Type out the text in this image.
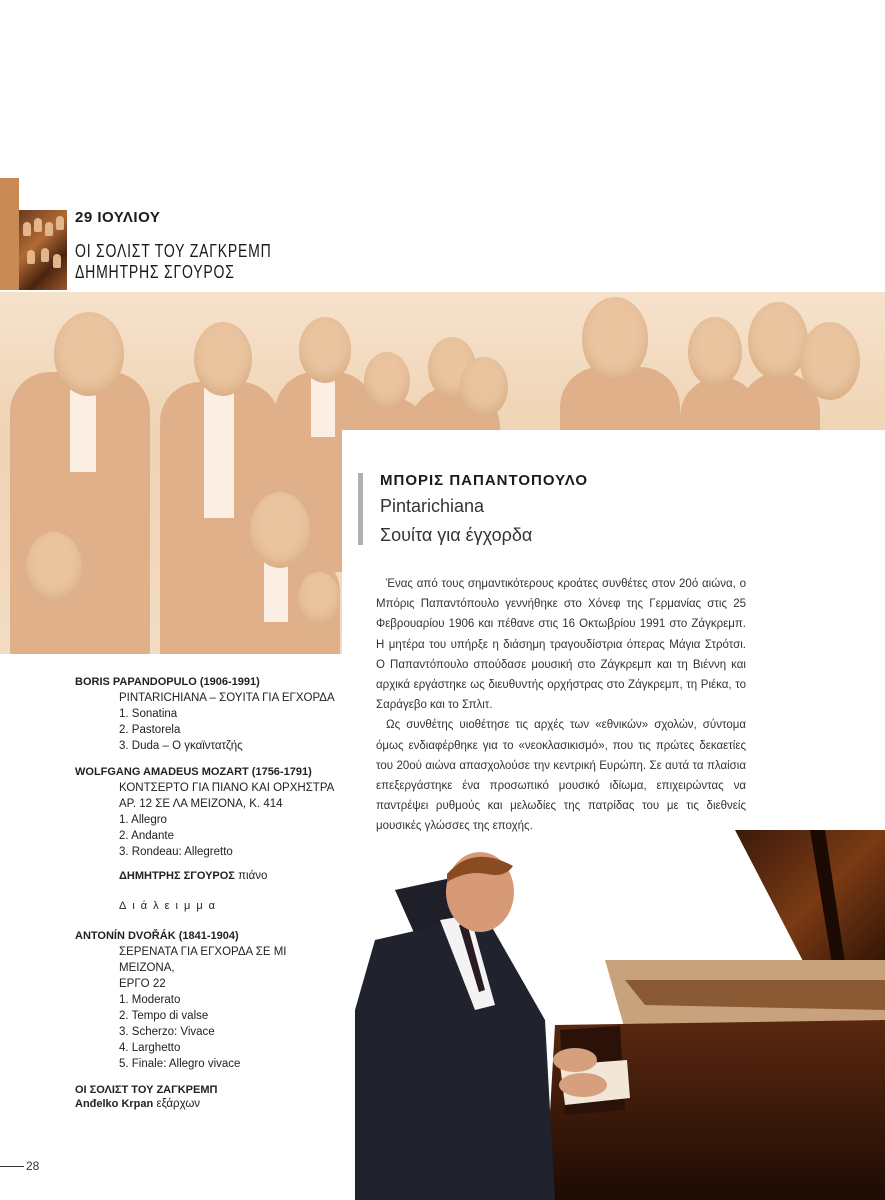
29 ΙΟΥΛΙΟΥ
ΟΙ ΣΟΛΙΣΤ ΤΟΥ ΖΑΓΚΡΕΜΠ
ΔΗΜΗΤΡΗΣ ΣΓΟΥΡΟΣ
ΜΠΟΡΙΣ ΠΑΠΑΝΤΟΠΟΥΛΟ
Pintarichiana
Σουίτα για έγχορδα

Ένας από τους σημαντικότερους κροάτες συνθέτες στον 20ό αιώνα, ο Μπόρις Παπαντόπουλο γεννήθηκε στο Χόνεφ της Γερμανίας στις 25 Φεβρουαρίου 1906 και πέθανε στις 16 Οκτωβρίου 1991 στο Ζάγκρεμπ. Η μητέρα του υπήρξε η διάσημη τραγουδίστρια όπερας Μάγια Στρότσι. Ο Παπαντόπουλο σπούδασε μουσική στο Ζάγκρεμπ και τη Βιέννη και αρχικά εργάστηκε ως διευθυντής ορχήστρας στο Ζάγκρεμπ, τη Ριέκα, το Σαράγεβο και το Σπλιτ.

Ως συνθέτης υιοθέτησε τις αρχές των «εθνικών» σχολών, σύντομα όμως ενδιαφέρθηκε για το «νεοκλασικισμό», που τις πρώτες δεκαετίες του 20ού αιώνα απασχολούσε την κεντρική Ευρώπη. Σε αυτά τα πλαίσια επεξεργάστηκε ένα προσωπικό μουσικό ιδίωμα, επιχειρώντας να παντρέψει ρυθμούς και μελωδίες της πατρίδας του με τις διεθνείς μουσικές γλώσσες της εποχής.

BORIS PAPANDOPULO (1906-1991)
PINTARICHIANA – ΣΟΥΙΤΑ ΓΙΑ ΕΓΧΟΡΔΑ
1. Sonatina
2. Pastorela
3. Duda – O γκαϊντατζής
WOLFGANG AMADEUS MOZART (1756-1791)
ΚΟΝΤΣΕΡΤΟ ΓΙΑ ΠΙΑΝΟ ΚΑΙ ΟΡΧΗΣΤΡΑ
ΑΡ. 12 ΣΕ ΛΑ ΜΕΙΖΟΝΑ, Κ. 414
1. Allegro
2. Andante
3. Rondeau: Allegretto
ΔΗΜΗΤΡΗΣ ΣΓΟΥΡΟΣ πιάνο
Διάλειμμα
ANTONÍN DVOŘÁK (1841-1904)
ΣΕΡΕΝΑΤΑ ΓΙΑ ΕΓΧΟΡΔΑ ΣΕ ΜΙ ΜΕΙΖΟΝΑ,
ΕΡΓΟ 22
1. Moderato
2. Tempo di valse
3. Scherzo: Vivace
4. Larghetto
5. Finale: Allegro vivace
ΟΙ ΣΟΛΙΣΤ ΤΟΥ ΖΑΓΚΡΕΜΠ
Anđelko Krpan εξάρχων
28
